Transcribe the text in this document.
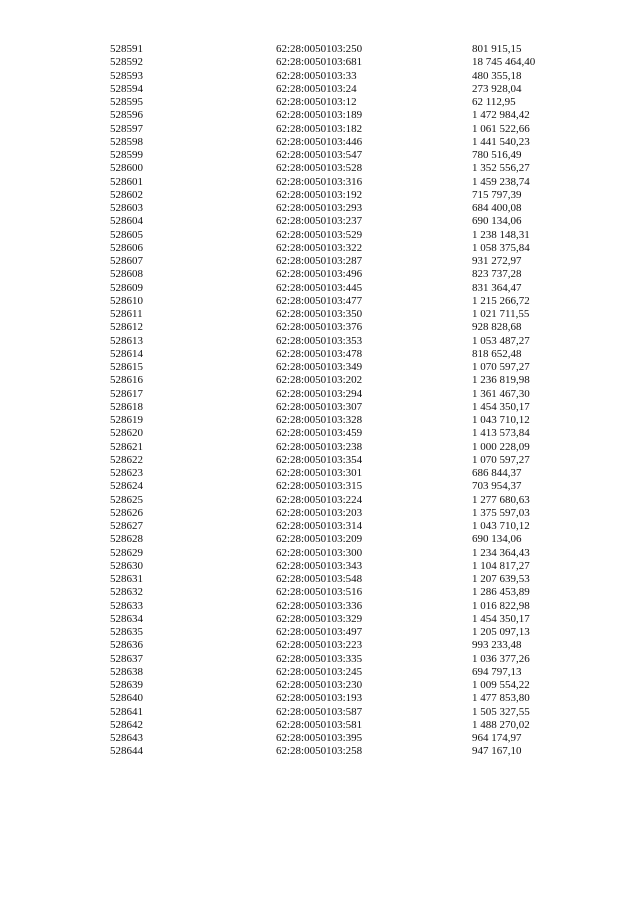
528591	62:28:0050103:250	801 915,15
528592	62:28:0050103:681	18 745 464,40
528593	62:28:0050103:33	480 355,18
528594	62:28:0050103:24	273 928,04
528595	62:28:0050103:12	62 112,95
528596	62:28:0050103:189	1 472 984,42
528597	62:28:0050103:182	1 061 522,66
528598	62:28:0050103:446	1 441 540,23
528599	62:28:0050103:547	780 516,49
528600	62:28:0050103:528	1 352 556,27
528601	62:28:0050103:316	1 459 238,74
528602	62:28:0050103:192	715 797,39
528603	62:28:0050103:293	684 400,08
528604	62:28:0050103:237	690 134,06
528605	62:28:0050103:529	1 238 148,31
528606	62:28:0050103:322	1 058 375,84
528607	62:28:0050103:287	931 272,97
528608	62:28:0050103:496	823 737,28
528609	62:28:0050103:445	831 364,47
528610	62:28:0050103:477	1 215 266,72
528611	62:28:0050103:350	1 021 711,55
528612	62:28:0050103:376	928 828,68
528613	62:28:0050103:353	1 053 487,27
528614	62:28:0050103:478	818 652,48
528615	62:28:0050103:349	1 070 597,27
528616	62:28:0050103:202	1 236 819,98
528617	62:28:0050103:294	1 361 467,30
528618	62:28:0050103:307	1 454 350,17
528619	62:28:0050103:328	1 043 710,12
528620	62:28:0050103:459	1 413 573,84
528621	62:28:0050103:238	1 000 228,09
528622	62:28:0050103:354	1 070 597,27
528623	62:28:0050103:301	686 844,37
528624	62:28:0050103:315	703 954,37
528625	62:28:0050103:224	1 277 680,63
528626	62:28:0050103:203	1 375 597,03
528627	62:28:0050103:314	1 043 710,12
528628	62:28:0050103:209	690 134,06
528629	62:28:0050103:300	1 234 364,43
528630	62:28:0050103:343	1 104 817,27
528631	62:28:0050103:548	1 207 639,53
528632	62:28:0050103:516	1 286 453,89
528633	62:28:0050103:336	1 016 822,98
528634	62:28:0050103:329	1 454 350,17
528635	62:28:0050103:497	1 205 097,13
528636	62:28:0050103:223	993 233,48
528637	62:28:0050103:335	1 036 377,26
528638	62:28:0050103:245	694 797,13
528639	62:28:0050103:230	1 009 554,22
528640	62:28:0050103:193	1 477 853,80
528641	62:28:0050103:587	1 505 327,55
528642	62:28:0050103:581	1 488 270,02
528643	62:28:0050103:395	964 174,97
528644	62:28:0050103:258	947 167,10
